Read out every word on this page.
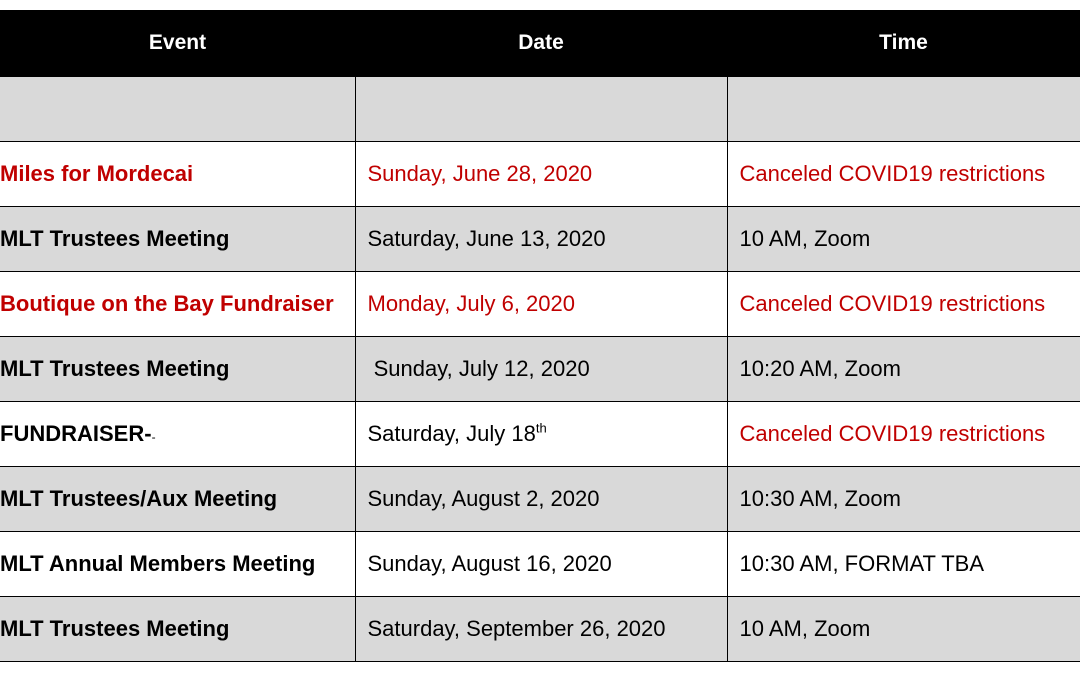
Event	Date	Time

Miles for Mordecai	Sunday, June 28, 2020	Canceled COVID19 restrictions
MLT Trustees Meeting	Saturday, June 13, 2020	10 AM, Zoom
Boutique on the Bay Fundraiser	Monday, July 6, 2020	Canceled COVID19 restrictions
MLT Trustees Meeting	Sunday, July 12, 2020	10:20 AM, Zoom
FUNDRAISER--	Saturday, July 18th	Canceled COVID19 restrictions
MLT Trustees/Aux Meeting	Sunday, August 2, 2020	10:30 AM, Zoom
MLT Annual Members Meeting	Sunday, August 16, 2020	10:30 AM, FORMAT TBA
MLT Trustees Meeting	Saturday, September 26, 2020	10 AM, Zoom
